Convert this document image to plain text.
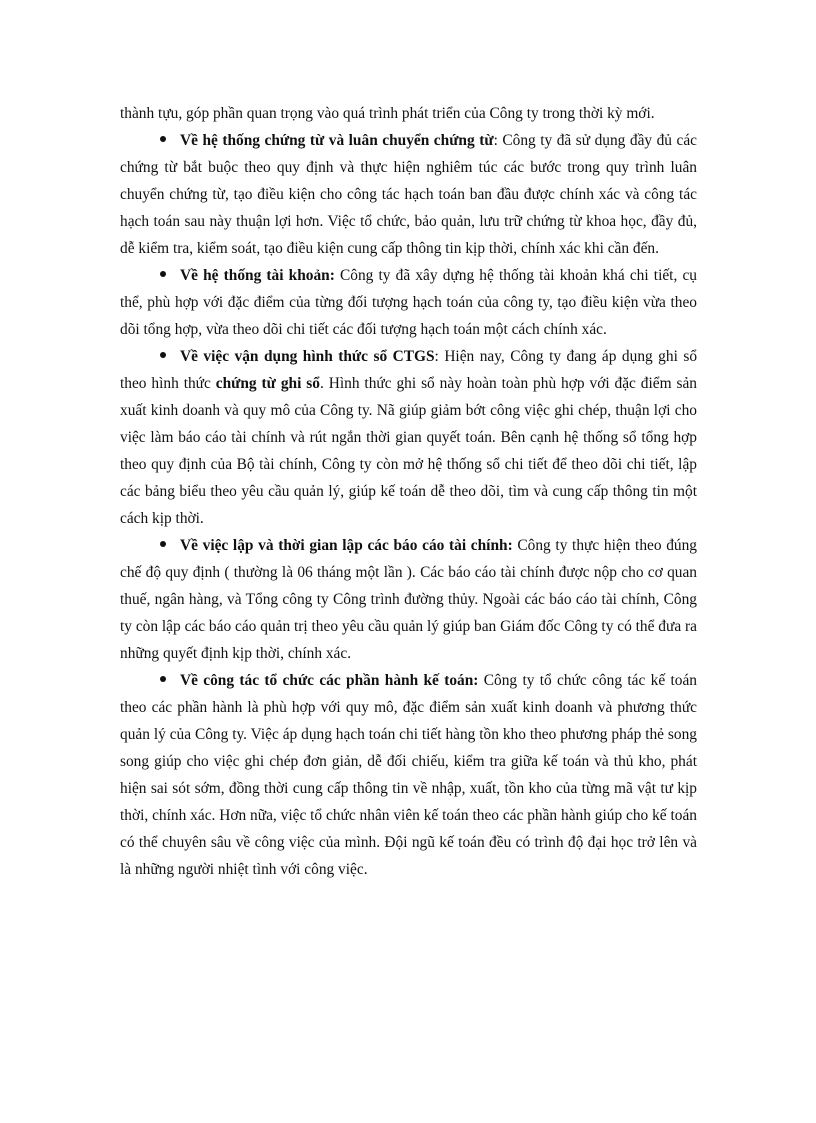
thành tựu, góp phần quan trọng vào quá trình phát triển của Công ty trong thời kỳ mới.

Về hệ thống chứng từ và luân chuyển chứng từ: Công ty đã sử dụng đầy đủ các chứng từ bắt buộc theo quy định và thực hiện nghiêm túc các bước trong quy trình luân chuyển chứng từ, tạo điều kiện cho công tác hạch toán ban đầu được chính xác và công tác hạch toán sau này thuận lợi hơn. Việc tổ chức, bảo quản, lưu trữ chứng từ khoa học, đầy đủ, dễ kiểm tra, kiểm soát, tạo điều kiện cung cấp thông tin kịp thời, chính xác khi cần đến.

Về hệ thống tài khoản: Công ty đã xây dựng hệ thống tài khoản khá chi tiết, cụ thể, phù hợp với đặc điểm của từng đối tượng hạch toán của công ty, tạo điều kiện vừa theo dõi tổng hợp, vừa theo dõi chi tiết các đối tượng hạch toán một cách chính xác.

Về việc vận dụng hình thức sổ CTGS: Hiện nay, Công ty đang áp dụng ghi sổ theo hình thức chứng từ ghi sổ. Hình thức ghi sổ này hoàn toàn phù hợp với đặc điểm sản xuất kinh doanh và quy mô của Công ty. Nã giúp giảm bớt công việc ghi chép, thuận lợi cho việc làm báo cáo tài chính và rút ngắn thời gian quyết toán. Bên cạnh hệ thống sổ tổng hợp theo quy định của Bộ tài chính, Công ty còn mở hệ thống sổ chi tiết để theo dõi chi tiết, lập các bảng biểu theo yêu cầu quản lý, giúp kế toán dễ theo dõi, tìm và cung cấp thông tin một cách kịp thời.

Về việc lập và thời gian lập các báo cáo tài chính: Công ty thực hiện theo đúng chế độ quy định ( thường là 06 tháng một lần ). Các báo cáo tài chính được nộp cho cơ quan thuế, ngân hàng, và Tổng công ty Công trình đường thủy. Ngoài các báo cáo tài chính, Công ty còn lập các báo cáo quản trị theo yêu cầu quản lý giúp ban Giám đốc Công ty có thể đưa ra những quyết định kịp thời, chính xác.

Về công tác tổ chức các phần hành kế toán: Công ty tổ chức công tác kế toán theo các phần hành là phù hợp với quy mô, đặc điểm sản xuất kinh doanh và phương thức quản lý của Công ty. Việc áp dụng hạch toán chi tiết hàng tồn kho theo phương pháp thẻ song song giúp cho việc ghi chép đơn giản, dễ đối chiếu, kiểm tra giữa kế toán và thủ kho, phát hiện sai sót sớm, đồng thời cung cấp thông tin về nhập, xuất, tồn kho của từng mã vật tư kịp thời, chính xác. Hơn nữa, việc tổ chức nhân viên kế toán theo các phần hành giúp cho kế toán có thể chuyên sâu về công việc của mình. Đội ngũ kế toán đều có trình độ đại học trở lên và là những người nhiệt tình với công việc.
